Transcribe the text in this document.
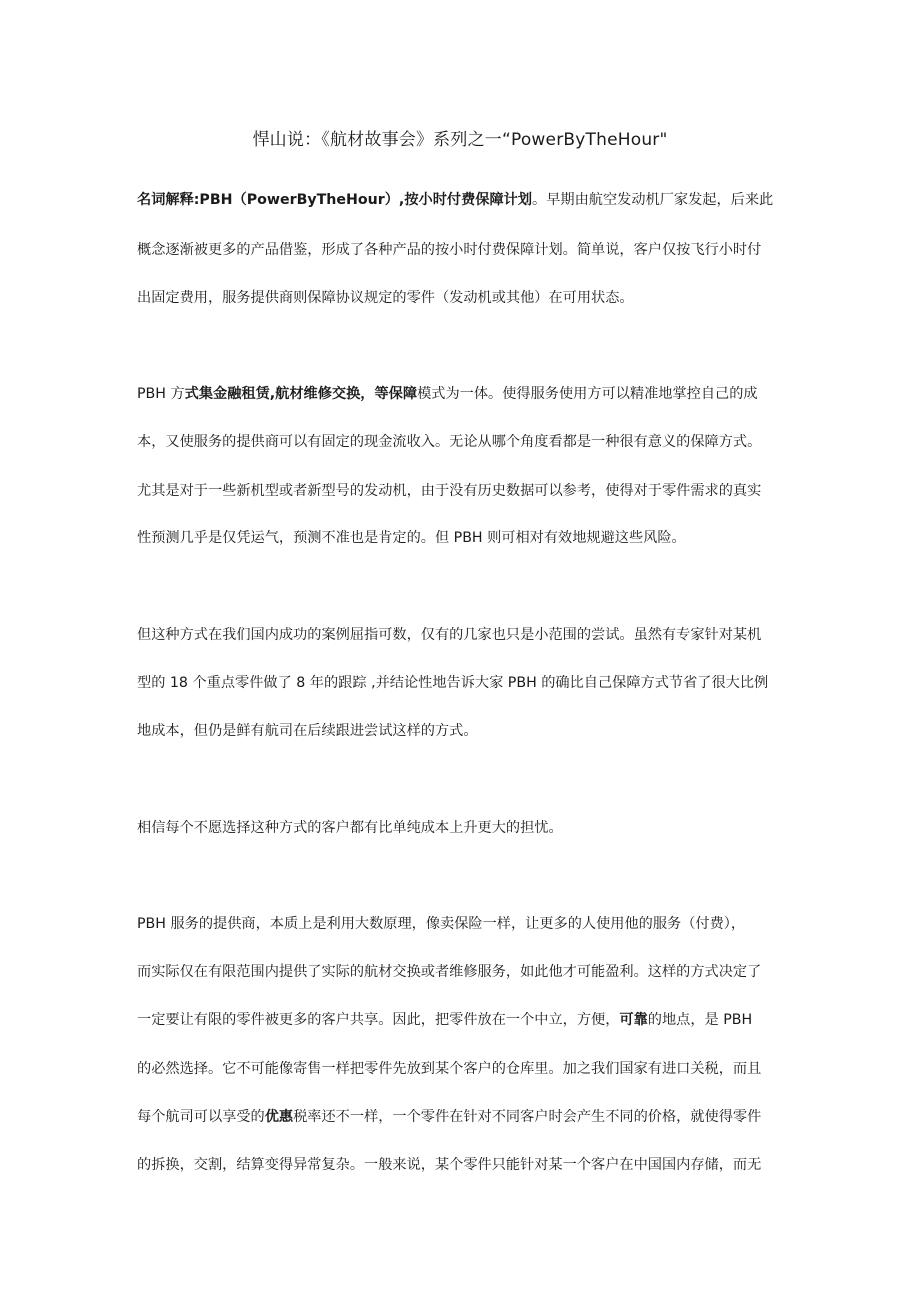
悍山说：《航材故事会》系列之一“PowerByTheHour"

名词解释:PBH（PowerByTheHour）,按小时付费保障计划。早期由航空发动机厂家发起，后来此

概念逐渐被更多的产品借鉴，形成了各种产品的按小时付费保障计划。简单说，客户仅按飞行小时付

出固定费用，服务提供商则保障协议规定的零件（发动机或其他）在可用状态。

PBH 方式集金融租赁,航材维修交换，等保障模式为一体。使得服务使用方可以精准地掌控自己的成

本，又使服务的提供商可以有固定的现金流收入。无论从哪个角度看都是一种很有意义的保障方式。

尤其是对于一些新机型或者新型号的发动机，由于没有历史数据可以参考，使得对于零件需求的真实

性预测几乎是仅凭运气，预测不准也是肯定的。但 PBH 则可相对有效地规避这些风险。

但这种方式在我们国内成功的案例屈指可数，仅有的几家也只是小范围的尝试。虽然有专家针对某机

型的 18 个重点零件做了 8 年的跟踪 ,并结论性地告诉大家 PBH 的确比自己保障方式节省了很大比例

地成本，但仍是鲜有航司在后续跟进尝试这样的方式。

相信每个不愿选择这种方式的客户都有比单纯成本上升更大的担忧。

PBH 服务的提供商，本质上是利用大数原理，像卖保险一样，让更多的人使用他的服务（付费），

而实际仅在有限范围内提供了实际的航材交换或者维修服务，如此他才可能盈利。这样的方式决定了

一定要让有限的零件被更多的客户共享。因此，把零件放在一个中立，方便，可靠的地点，是 PBH

的必然选择。它不可能像寄售一样把零件先放到某个客户的仓库里。加之我们国家有进口关税，而且

每个航司可以享受的优惠税率还不一样，一个零件在针对不同客户时会产生不同的价格，就使得零件

的拆换，交割，结算变得异常复杂。一般来说，某个零件只能针对某一个客户在中国国内存储，而无
